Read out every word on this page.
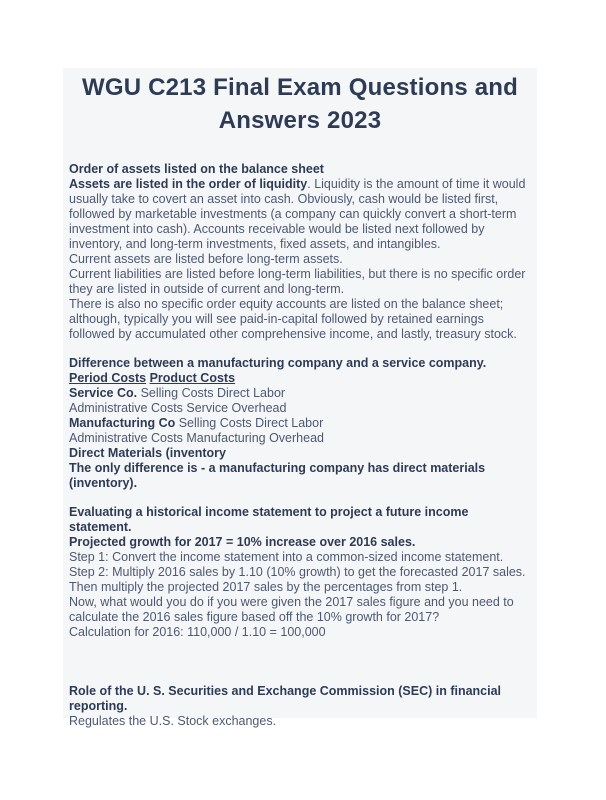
WGU C213 Final Exam Questions and Answers 2023

Order of assets listed on the balance sheet

Assets are listed in the order of liquidity. Liquidity is the amount of time it would usually take to covert an asset into cash. Obviously, cash would be listed first, followed by marketable investments (a company can quickly convert a short-term investment into cash). Accounts receivable would be listed next followed by inventory, and long-term investments, fixed assets, and intangibles.

Current assets are listed before long-term assets.

Current liabilities are listed before long-term liabilities, but there is no specific order they are listed in outside of current and long-term.

There is also no specific order equity accounts are listed on the balance sheet; although, typically you will see paid-in-capital followed by retained earnings followed by accumulated other comprehensive income, and lastly, treasury stock.

Difference between a manufacturing company and a service company.

Period Costs Product Costs

Service Co. Selling Costs Direct Labor

Administrative Costs Service Overhead

Manufacturing Co Selling Costs Direct Labor

Administrative Costs Manufacturing Overhead

Direct Materials (inventory

The only difference is - a manufacturing company has direct materials (inventory).

Evaluating a historical income statement to project a future income statement.

Projected growth for 2017 = 10% increase over 2016 sales.

Step 1: Convert the income statement into a common-sized income statement.

Step 2: Multiply 2016 sales by 1.10 (10% growth) to get the forecasted 2017 sales.

Then multiply the projected 2017 sales by the percentages from step 1.

Now, what would you do if you were given the 2017 sales figure and you need to calculate the 2016 sales figure based off the 10% growth for 2017?

Calculation for 2016: 110,000 / 1.10 = 100,000

Role of the U. S. Securities and Exchange Commission (SEC) in financial reporting.

Regulates the U.S. Stock exchanges.
